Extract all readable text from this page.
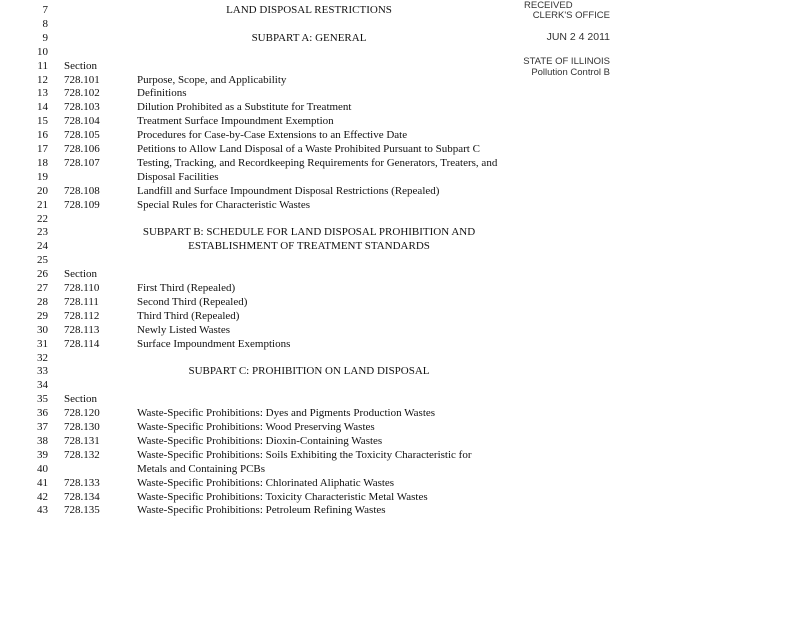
7	LAND DISPOSAL RESTRICTIONS
8
9	SUBPART A: GENERAL
10
11 Section
12 728.101	Purpose, Scope, and Applicability
13 728.102	Definitions
14 728.103	Dilution Prohibited as a Substitute for Treatment
15 728.104	Treatment Surface Impoundment Exemption
16 728.105	Procedures for Case-by-Case Extensions to an Effective Date
17 728.106	Petitions to Allow Land Disposal of a Waste Prohibited Pursuant to Subpart C
18 728.107	Testing, Tracking, and Recordkeeping Requirements for Generators, Treaters, and
19	Disposal Facilities
20 728.108	Landfill and Surface Impoundment Disposal Restrictions (Repealed)
21 728.109	Special Rules for Characteristic Wastes
22
23	SUBPART B: SCHEDULE FOR LAND DISPOSAL PROHIBITION AND
24	ESTABLISHMENT OF TREATMENT STANDARDS
25
26 Section
27 728.110	First Third (Repealed)
28 728.111	Second Third (Repealed)
29 728.112	Third Third (Repealed)
30 728.113	Newly Listed Wastes
31 728.114	Surface Impoundment Exemptions
32
33	SUBPART C: PROHIBITION ON LAND DISPOSAL
34
35 Section
36 728.120	Waste-Specific Prohibitions: Dyes and Pigments Production Wastes
37 728.130	Waste-Specific Prohibitions: Wood Preserving Wastes
38 728.131	Waste-Specific Prohibitions: Dioxin-Containing Wastes
39 728.132	Waste-Specific Prohibitions: Soils Exhibiting the Toxicity Characteristic for
40	Metals and Containing PCBs
41 728.133	Waste-Specific Prohibitions: Chlorinated Aliphatic Wastes
42 728.134	Waste-Specific Prohibitions: Toxicity Characteristic Metal Wastes
43 728.135	Waste-Specific Prohibitions: Petroleum Refining Wastes
RECEIVED
CLERK'S OFFICE
JUN 2 4 2011
STATE OF ILLINOIS
Pollution Control B
